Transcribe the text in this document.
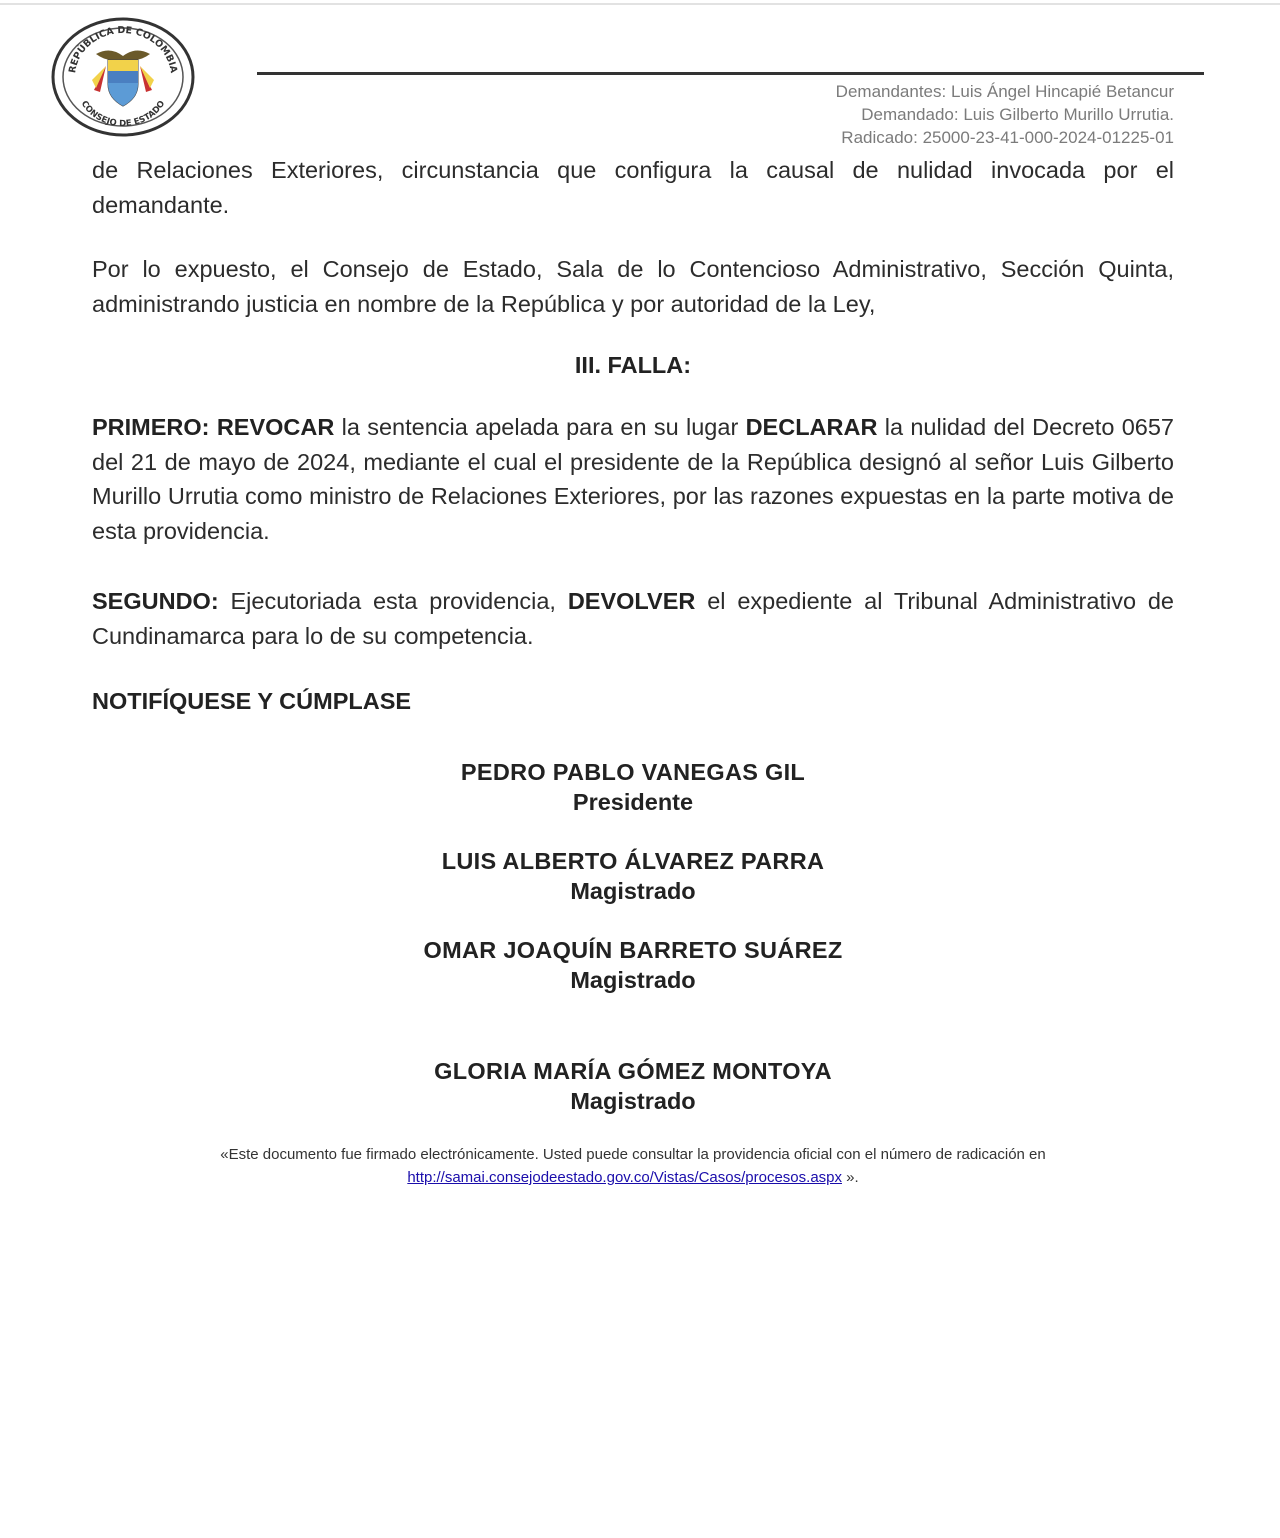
REPÚBLICA DE COLOMBIA
CONSEJO DE ESTADO
Demandantes: Luis Ángel Hincapié Betancur
Demandado: Luis Gilberto Murillo Urrutia.
Radicado: 25000-23-41-000-2024-01225-01
de Relaciones Exteriores, circunstancia que configura la causal de nulidad invocada por el demandante.
Por lo expuesto, el Consejo de Estado, Sala de lo Contencioso Administrativo, Sección Quinta, administrando justicia en nombre de la República y por autoridad de la Ley,
III. FALLA:
PRIMERO: REVOCAR la sentencia apelada para en su lugar DECLARAR la nulidad del Decreto 0657 del 21 de mayo de 2024, mediante el cual el presidente de la República designó al señor Luis Gilberto Murillo Urrutia como ministro de Relaciones Exteriores, por las razones expuestas en la parte motiva de esta providencia.
SEGUNDO: Ejecutoriada esta providencia, DEVOLVER el expediente al Tribunal Administrativo de Cundinamarca para lo de su competencia.
NOTIFÍQUESE Y CÚMPLASE
PEDRO PABLO VANEGAS GIL
Presidente
LUIS ALBERTO ÁLVAREZ PARRA
Magistrado
OMAR JOAQUÍN BARRETO SUÁREZ
Magistrado
GLORIA MARÍA GÓMEZ MONTOYA
Magistrado
«Este documento fue firmado electrónicamente. Usted puede consultar la providencia oficial con el número de radicación en
http://samai.consejodeestado.gov.co/Vistas/Casos/procesos.aspx ».
